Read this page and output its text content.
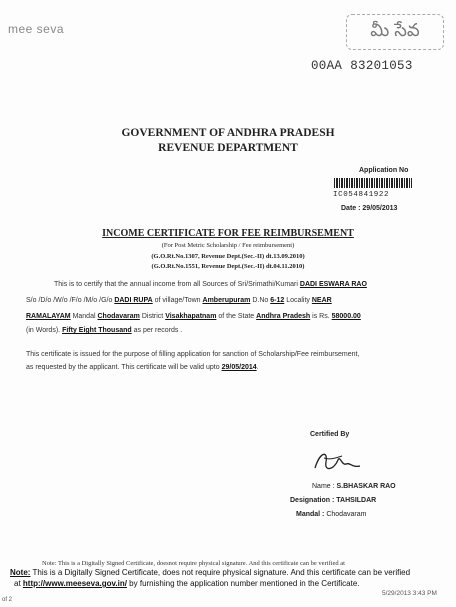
mee seva	మీ సేవ
00AA 83201053
GOVERNMENT OF ANDHRA PRADESH
REVENUE DEPARTMENT
Application No
IC054841922
Date : 29/05/2013
INCOME CERTIFICATE FOR FEE REIMBURSEMENT
(For Post Metric Scholarship / Fee reimbursement)
(G.O.Rt.No.1307, Revenue Dept.(Sec.-II) dt.13.09.2010)
(G.O.Rt.No.1551, Revenue Dept.(Sec.-II) dt.04.11.2010)
This is to certify that the annual income from all Sources of Sri/Srimathi/Kumari DADI ESWARA RAO
S/o /D/o /W/o /F/o /M/o /G/o DADI RUPA of village/Town Amberupuram D.No 6-12 Locality NEAR
RAMALAYAM Mandal Chodavaram District Visakhapatnam of the State Andhra Pradesh is Rs. 58000.00
(in Words). Fifty Eight Thousand as per records .
This certificate is issued for the purpose of filling application for sanction of Scholarship/Fee reimbursement,
as requested by the applicant. This certificate will be valid upto 29/05/2014.
Certified By
Name : S.BHASKAR RAO
Designation : TAHSILDAR
Mandal : Chodavaram
Note: This is a Digitally Signed Certificate, doesnot require physical signature. And this certificate can be verified at
Note: This is a Digitally Signed Certificate, does not require physical signature. And this certificate can be verified
at http://www.meeseva.gov.in/ by furnishing the application number mentioned in the Certificate.
5/29/2013 3:43 PM
of 2
